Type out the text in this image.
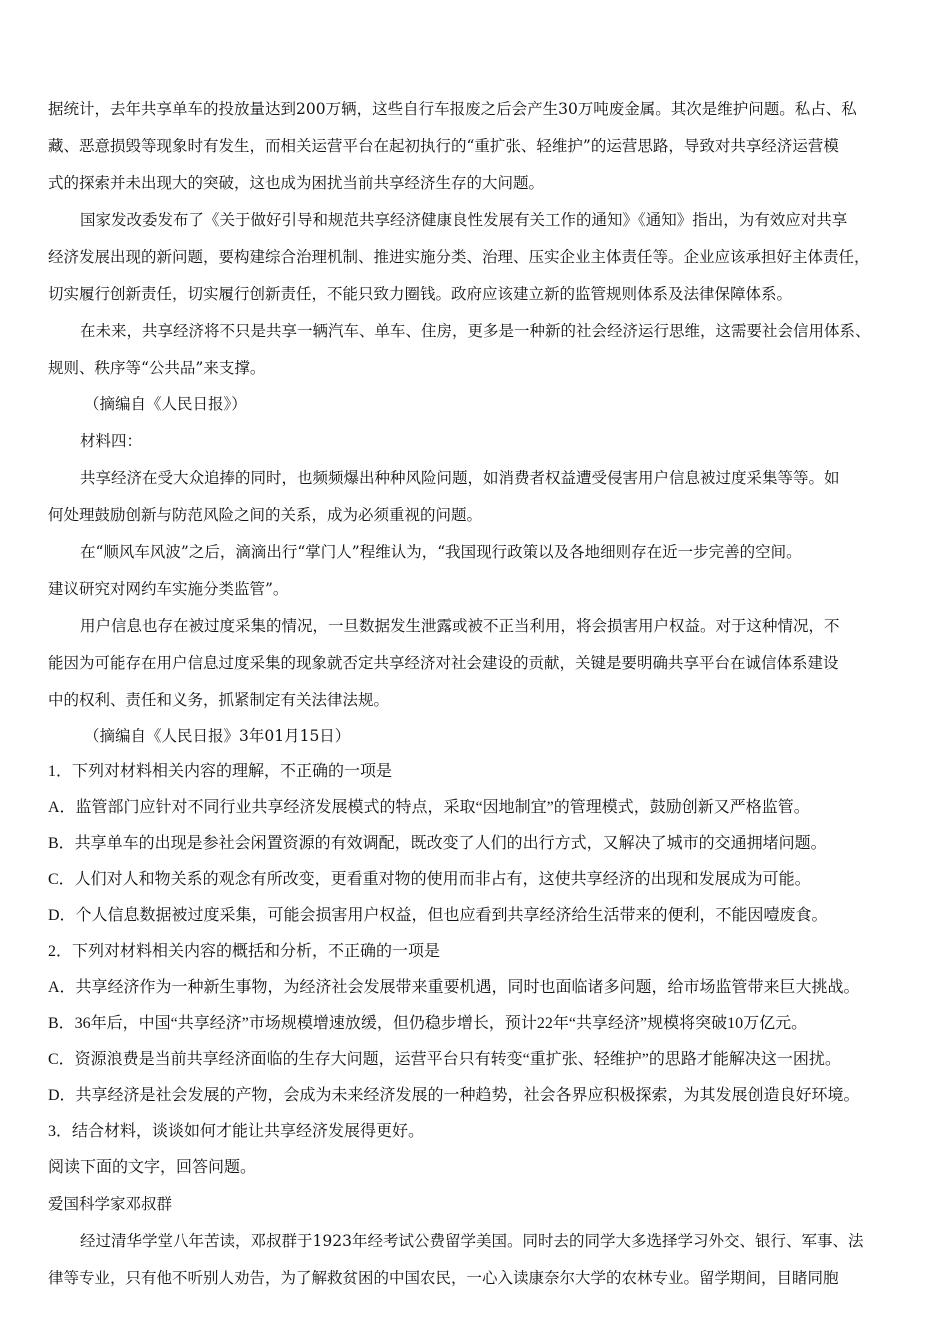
据统计，去年共享单车的投放量达到200万辆，这些自行车报废之后会产生30万吨废金属。其次是维护问题。私占、私
藏、恶意损毁等现象时有发生，而相关运营平台在起初执行的“重扩张、轻维护”的运营思路，导致对共享经济运营模
式的探索并未出现大的突破，这也成为困扰当前共享经济生存的大问题。
国家发改委发布了《关于做好引导和规范共享经济健康良性发展有关工作的通知》《通知》指出，为有效应对共享
经济发展出现的新问题，要构建综合治理机制、推进实施分类、治理、压实企业主体责任等。企业应该承担好主体责任，
切实履行创新责任，切实履行创新责任，不能只致力圈钱。政府应该建立新的监管规则体系及法律保障体系。
在未来，共享经济将不只是共享一辆汽车、单车、住房，更多是一种新的社会经济运行思维，这需要社会信用体系、
规则、秩序等“公共品”来支撑。
（摘编自《人民日报》）
材料四：
共享经济在受大众追捧的同时，也频频爆出种种风险问题，如消费者权益遭受侵害用户信息被过度采集等等。如
何处理鼓励创新与防范风险之间的关系，成为必须重视的问题。
在“顺风车风波”之后，滴滴出行“掌门人”程维认为，“我国现行政策以及各地细则存在近一步完善的空间。
建议研究对网约车实施分类监管”。
用户信息也存在被过度采集的情况，一旦数据发生泄露或被不正当利用，将会损害用户权益。对于这种情况，不
能因为可能存在用户信息过度采集的现象就否定共享经济对社会建设的贡献，关键是要明确共享平台在诚信体系建设
中的权利、责任和义务，抓紧制定有关法律法规。
（摘编自《人民日报》3年01月15日）
1．下列对材料相关内容的理解，不正确的一项是
A．监管部门应针对不同行业共享经济发展模式的特点，采取“因地制宜”的管理模式，鼓励创新又严格监管。
B．共享单车的出现是参社会闲置资源的有效调配，既改变了人们的出行方式，又解决了城市的交通拥堵问题。
C．人们对人和物关系的观念有所改变，更看重对物的使用而非占有，这使共享经济的出现和发展成为可能。
D．个人信息数据被过度采集，可能会损害用户权益，但也应看到共享经济给生活带来的便利，不能因噎废食。
2．下列对材料相关内容的概括和分析，不正确的一项是
A．共享经济作为一种新生事物，为经济社会发展带来重要机遇，同时也面临诸多问题，给市场监管带来巨大挑战。
B．36年后，中国“共享经济”市场规模增速放缓，但仍稳步增长，预计22年“共享经济”规模将突破10万亿元。
C．资源浪费是当前共享经济面临的生存大问题，运营平台只有转变“重扩张、轻维护”的思路才能解决这一困扰。
D．共享经济是社会发展的产物，会成为未来经济发展的一种趋势，社会各界应积极探索，为其发展创造良好环境。
3．结合材料，谈谈如何才能让共享经济发展得更好。
阅读下面的文字，回答问题。
爱国科学家邓叔群
经过清华学堂八年苦读，邓叔群于1923年经考试公费留学美国。同时去的同学大多选择学习外交、银行、军事、法
律等专业，只有他不听别人劝告，为了解救贫困的中国农民，一心入读康奈尔大学的农林专业。留学期间，目睹同胞
